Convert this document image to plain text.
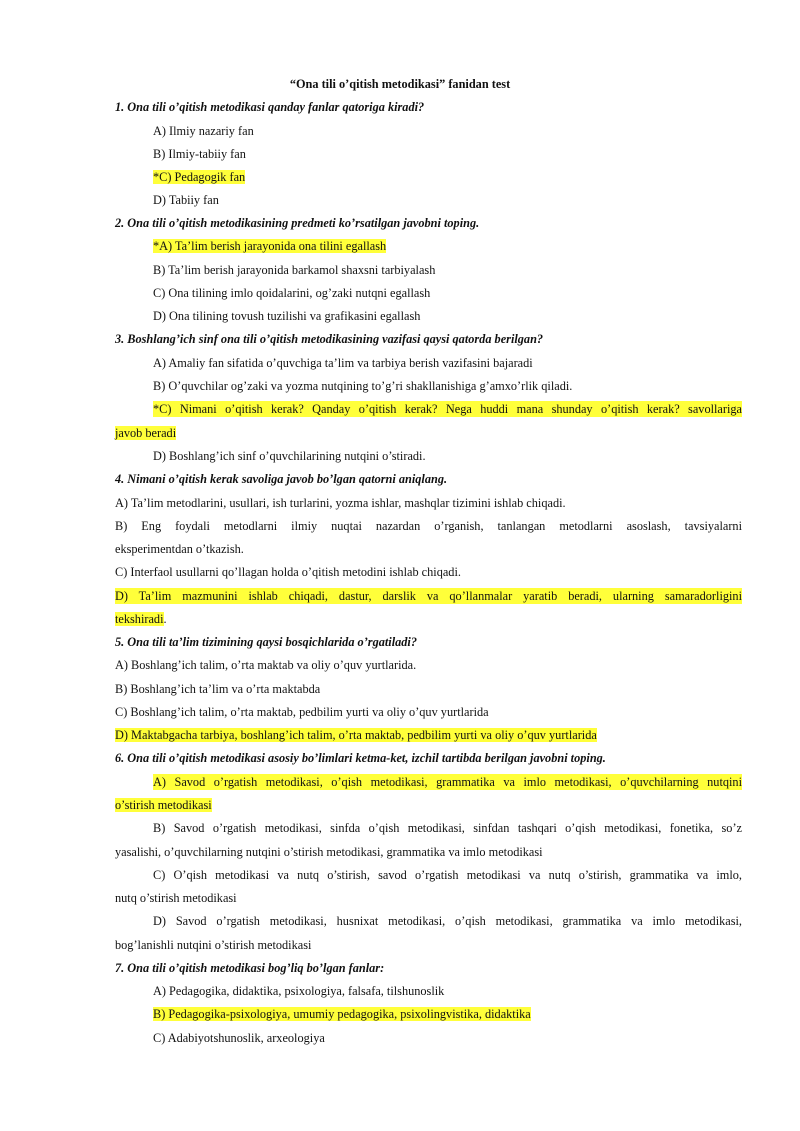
“Ona tili o’qitish metodikasi” fanidan test
1. Ona tili o’qitish metodikasi qanday fanlar qatoriga kiradi?
A) Ilmiy nazariy fan
B) Ilmiy-tabiiy fan
*C) Pedagogik fan
D) Tabiiy fan
2. Ona tili o’qitish metodikasining predmeti ko’rsatilgan javobni toping.
*A) Ta’lim berish jarayonida ona tilini egallash
B) Ta’lim berish jarayonida barkamol shaxsni tarbiyalash
C) Ona tilining imlo qoidalarini, og’zaki nutqni egallash
D) Ona tilining tovush tuzilishi va grafikasini egallash
3. Boshlang’ich sinf ona tili o’qitish metodikasining vazifasi qaysi qatorda berilgan?
A) Amaliy fan sifatida o’quvchiga ta’lim va tarbiya berish vazifasini bajaradi
B) O’quvchilar og’zaki va yozma nutqining to’g’ri shakllanishiga g’amxo’rlik qiladi.
*C) Nimani o’qitish kerak? Qanday o’qitish kerak? Nega huddi mana shunday o’qitish kerak? savollariga
javob beradi
D) Boshlang’ich sinf o’quvchilarining nutqini o’stiradi.
4. Nimani o’qitish kerak savoliga javob bo’lgan qatorni aniqlang.
A) Ta’lim metodlarini, usullari, ish turlarini, yozma ishlar, mashqlar tizimini ishlab chiqadi.
B) Eng foydali metodlarni ilmiy nuqtai nazardan o’rganish, tanlangan metodlarni asoslash, tavsiyalarni
eksperimentdan o’tkazish.
C) Interfaol usullarni qo’llagan holda o’qitish metodini ishlab chiqadi.
D) Ta’lim mazmunini ishlab chiqadi, dastur, darslik va qo’llanmalar yaratib beradi, ularning samaradorligini
tekshiradi.
5. Ona tili ta’lim tizimining qaysi bosqichlarida o’rgatiladi?
A) Boshlang’ich talim, o’rta maktab va oliy o’quv yurtlarida.
B) Boshlang’ich ta’lim va o’rta maktabda
C) Boshlang’ich talim, o’rta maktab, pedbilim yurti va oliy o’quv yurtlarida
D) Maktabgacha tarbiya, boshlang’ich talim, o’rta maktab, pedbilim yurti va oliy o’quv yurtlarida
6. Ona tili o’qitish metodikasi asosiy bo’limlari ketma-ket, izchil tartibda berilgan javobni toping.
A) Savod o’rgatish metodikasi, o’qish metodikasi, grammatika va imlo metodikasi, o’quvchilarning nutqini
o’stirish metodikasi
B) Savod o’rgatish metodikasi, sinfda o’qish metodikasi, sinfdan tashqari o’qish metodikasi, fonetika, so’z
yasalishi, o’quvchilarning nutqini o’stirish metodikasi, grammatika va imlo metodikasi
C) O’qish metodikasi va nutq o’stirish, savod o’rgatish metodikasi va nutq o’stirish, grammatika va imlo,
nutq o’stirish metodikasi
D) Savod o’rgatish metodikasi, husnixat metodikasi, o’qish metodikasi, grammatika va imlo metodikasi,
bog’lanishli nutqini o’stirish metodikasi
7. Ona tili o’qitish metodikasi bog’liq bo’lgan fanlar:
A) Pedagogika, didaktika, psixologiya, falsafa, tilshunoslik
B) Pedagogika-psixologiya, umumiy pedagogika, psixolingvistika, didaktika
C) Adabiyotshunoslik, arxeologiya
